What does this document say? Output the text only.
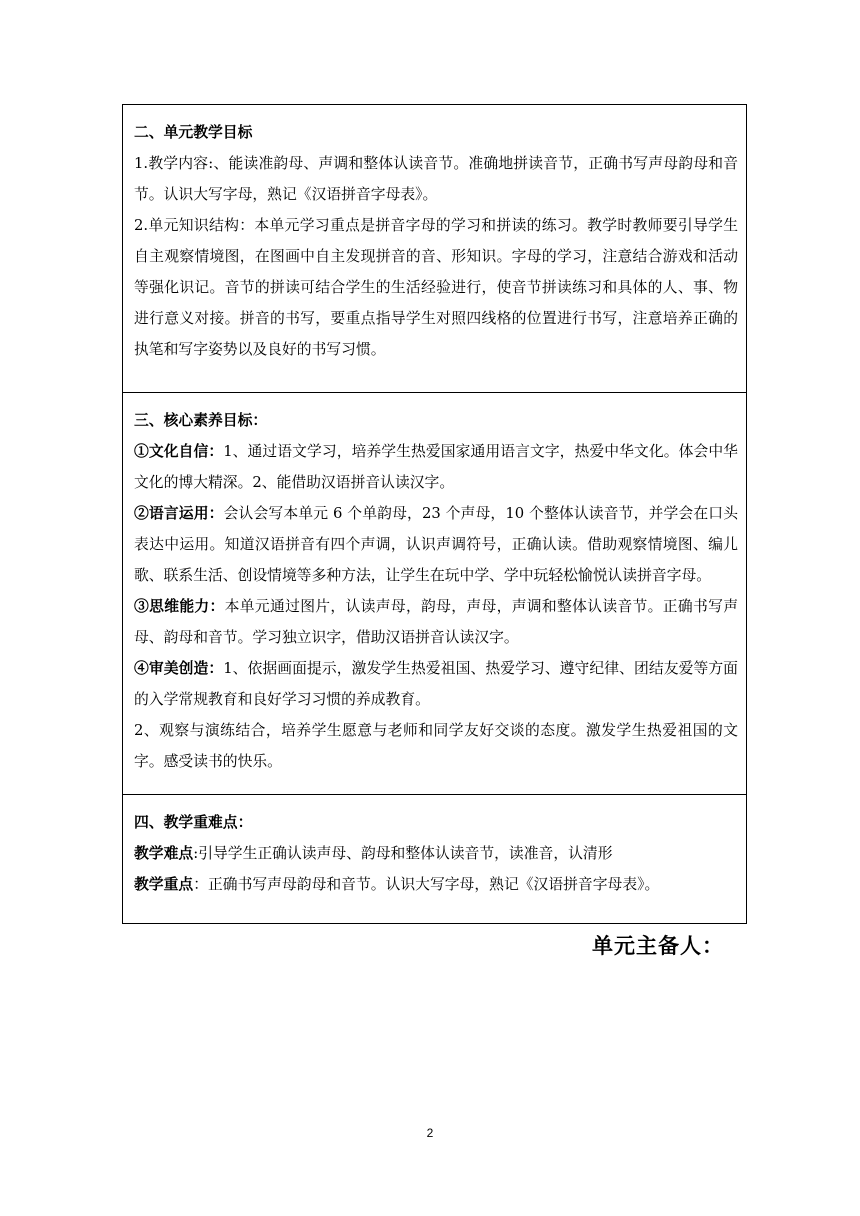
二、单元教学目标

1.教学内容:、能读准韵母、声调和整体认读音节。准确地拼读音节，正确书写声母韵母和音节。认识大写字母，熟记《汉语拼音字母表》。

2.单元知识结构：本单元学习重点是拼音字母的学习和拼读的练习。教学时教师要引导学生自主观察情境图，在图画中自主发现拼音的音、形知识。字母的学习，注意结合游戏和活动等强化识记。音节的拼读可结合学生的生活经验进行，使音节拼读练习和具体的人、事、物进行意义对接。拼音的书写，要重点指导学生对照四线格的位置进行书写，注意培养正确的执笔和写字姿势以及良好的书写习惯。

三、核心素养目标：

①文化自信：1、通过语文学习，培养学生热爱国家通用语言文字，热爱中华文化。体会中华文化的博大精深。2、能借助汉语拼音认读汉字。

②语言运用：会认会写本单元 6 个单韵母，23 个声母，10 个整体认读音节，并学会在口头表达中运用。知道汉语拼音有四个声调，认识声调符号，正确认读。借助观察情境图、编儿歌、联系生活、创设情境等多种方法，让学生在玩中学、学中玩轻松愉悦认读拼音字母。

③思维能力：本单元通过图片，认读声母，韵母，声母，声调和整体认读音节。正确书写声母、韵母和音节。学习独立识字，借助汉语拼音认读汉字。

④审美创造：1、依据画面提示，激发学生热爱祖国、热爱学习、遵守纪律、团结友爱等方面的入学常规教育和良好学习习惯的养成教育。

2、观察与演练结合，培养学生愿意与老师和同学友好交谈的态度。激发学生热爱祖国的文字。感受读书的快乐。

四、教学重难点：

教学难点:引导学生正确认读声母、韵母和整体认读音节，读准音，认清形

教学重点：正确书写声母韵母和音节。认识大写字母，熟记《汉语拼音字母表》。

单元主备人：
2
